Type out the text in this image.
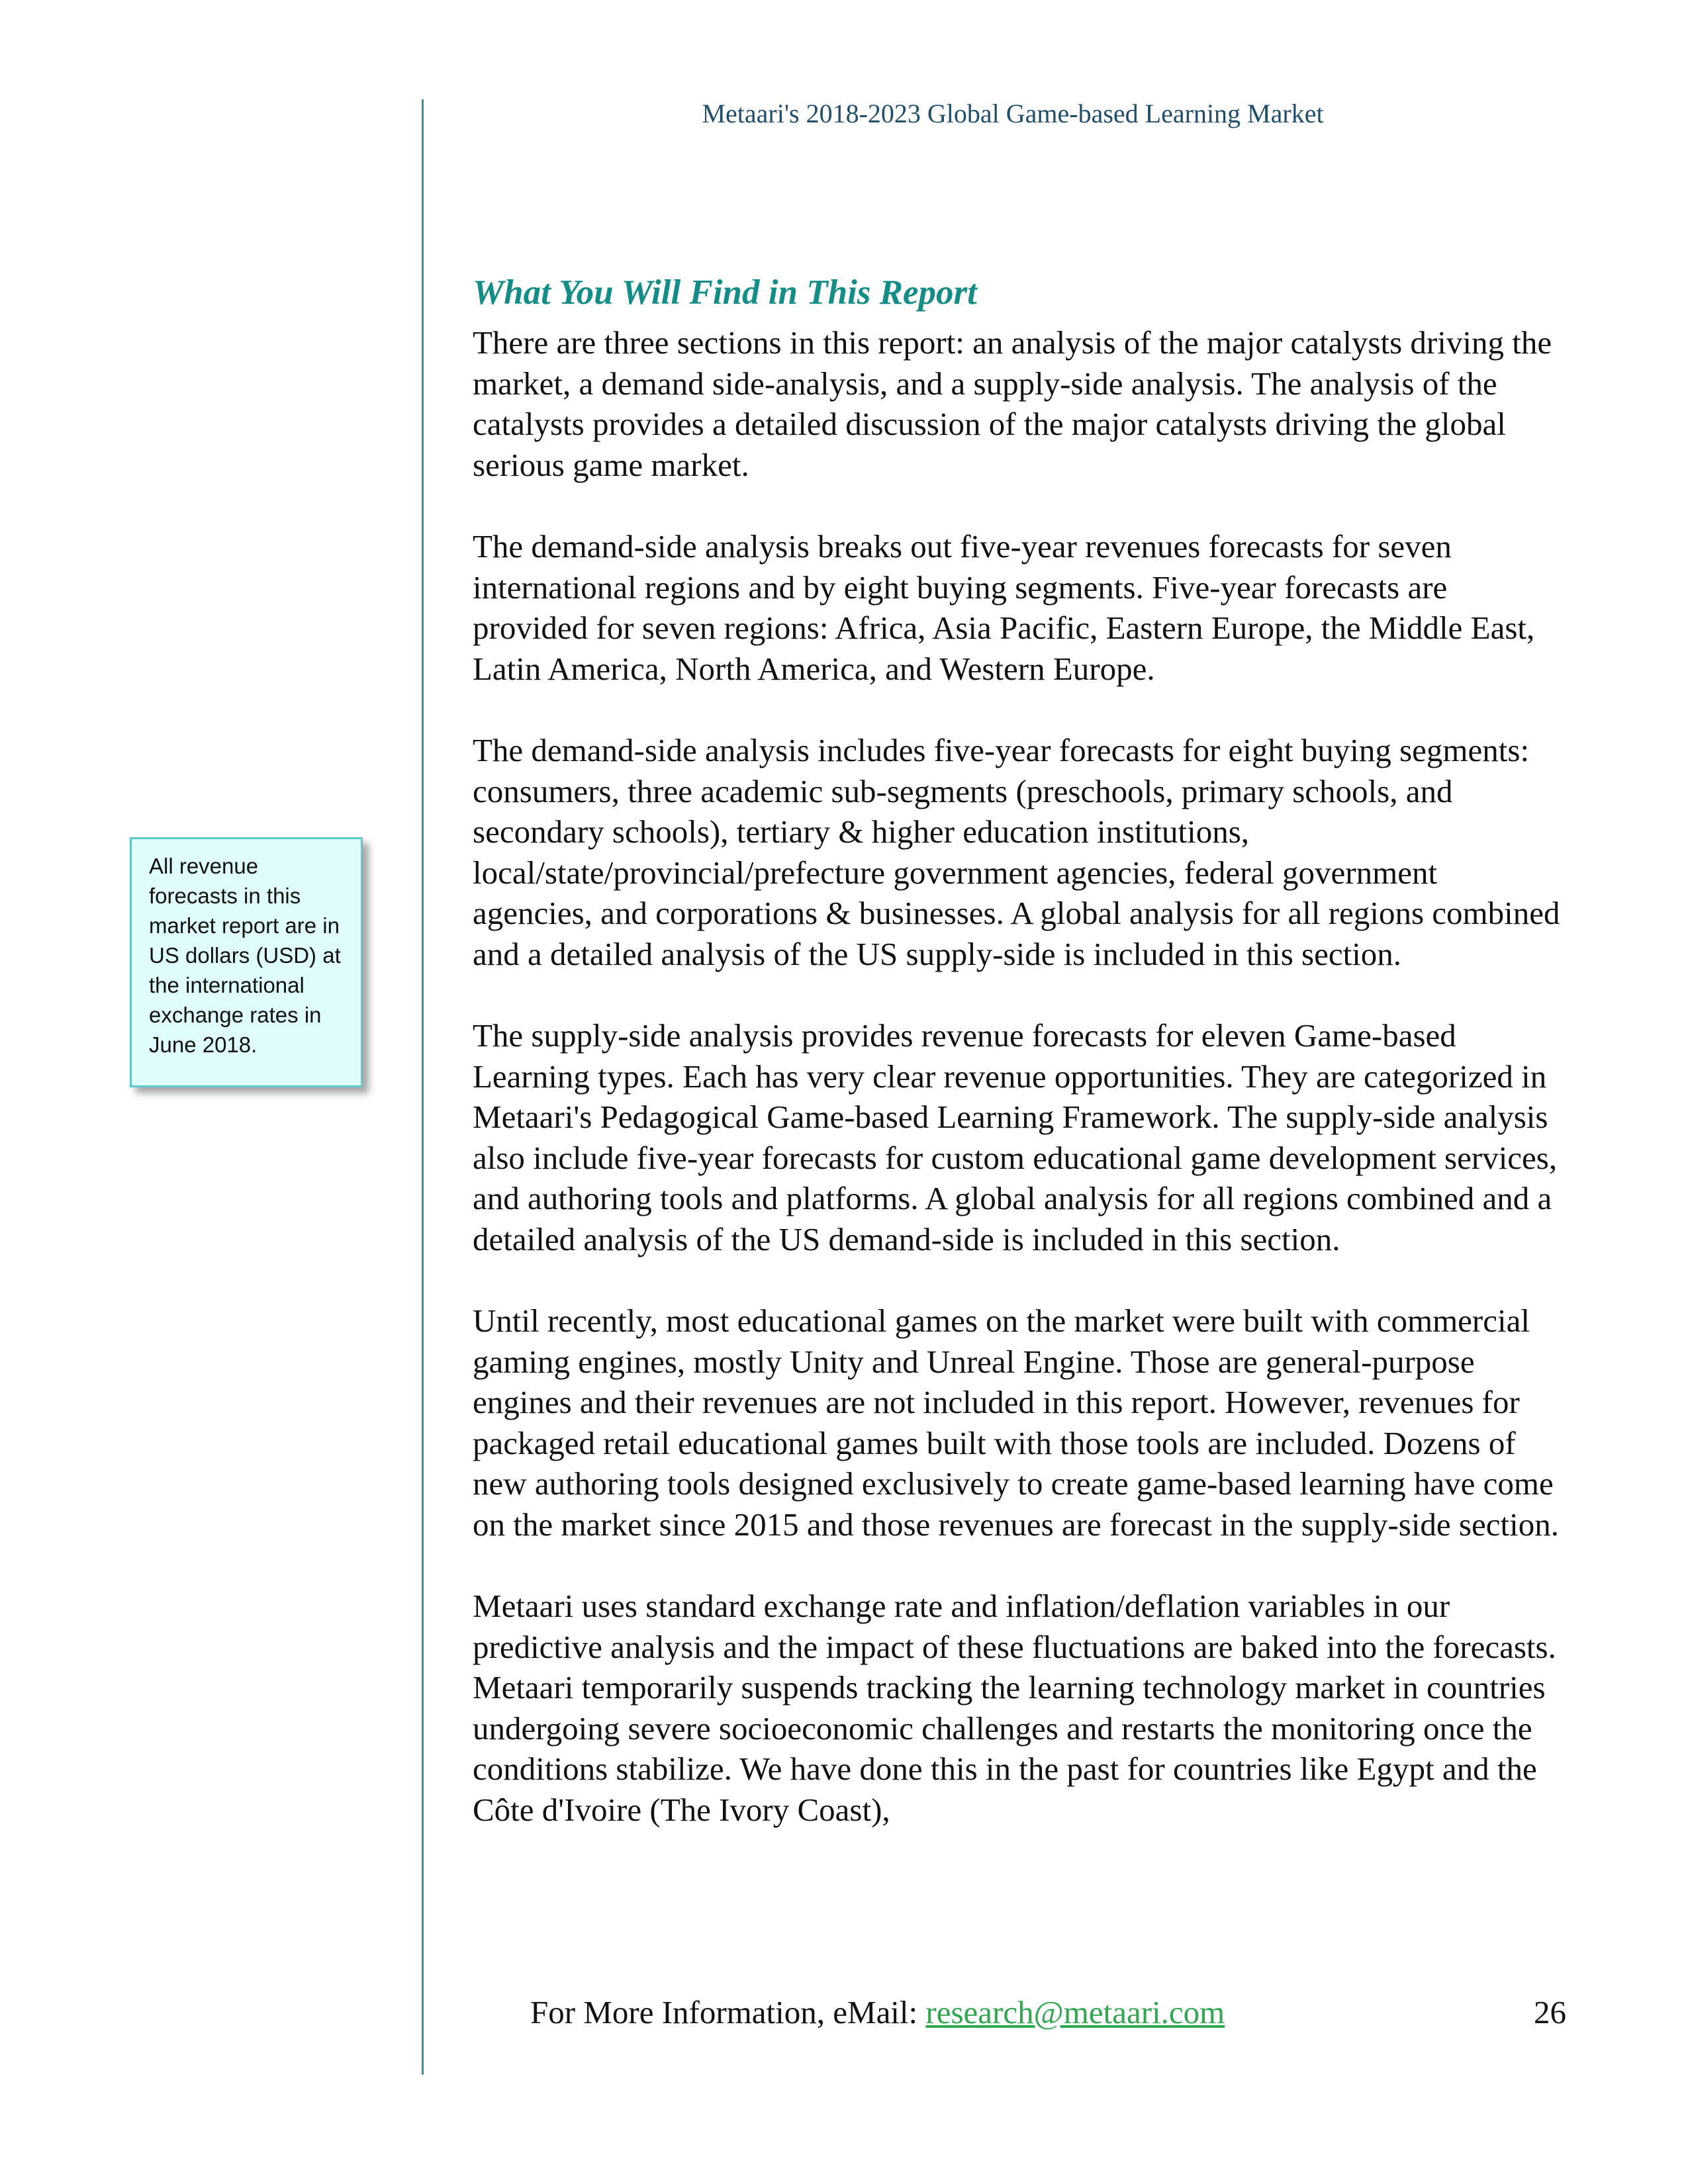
Metaari's 2018-2023 Global Game-based Learning Market
What You Will Find in This Report

There are three sections in this report: an analysis of the major catalysts driving the market, a demand side-analysis, and a supply-side analysis. The analysis of the catalysts provides a detailed discussion of the major catalysts driving the global serious game market.

The demand-side analysis breaks out five-year revenues forecasts for seven international regions and by eight buying segments. Five-year forecasts are provided for seven regions: Africa, Asia Pacific, Eastern Europe, the Middle East, Latin America, North America, and Western Europe.

The demand-side analysis includes five-year forecasts for eight buying segments: consumers, three academic sub-segments (preschools, primary schools, and secondary schools), tertiary & higher education institutions, local/state/provincial/prefecture government agencies, federal government agencies, and corporations & businesses. A global analysis for all regions combined and a detailed analysis of the US supply-side is included in this section.

The supply-side analysis provides revenue forecasts for eleven Game-based Learning types. Each has very clear revenue opportunities. They are categorized in Metaari's Pedagogical Game-based Learning Framework. The supply-side analysis also include five-year forecasts for custom educational game development services, and authoring tools and platforms. A global analysis for all regions combined and a detailed analysis of the US demand-side is included in this section.

Until recently, most educational games on the market were built with commercial gaming engines, mostly Unity and Unreal Engine. Those are general-purpose engines and their revenues are not included in this report. However, revenues for packaged retail educational games built with those tools are included. Dozens of new authoring tools designed exclusively to create game-based learning have come on the market since 2015 and those revenues are forecast in the supply-side section.

Metaari uses standard exchange rate and inflation/deflation variables in our predictive analysis and the impact of these fluctuations are baked into the forecasts. Metaari temporarily suspends tracking the learning technology market in countries undergoing severe socioeconomic challenges and restarts the monitoring once the conditions stabilize. We have done this in the past for countries like Egypt and the Côte d'Ivoire (The Ivory Coast),

All revenue forecasts in this market report are in US dollars (USD) at the international exchange rates in June 2018.

For More Information, eMail: research@metaari.com	26
